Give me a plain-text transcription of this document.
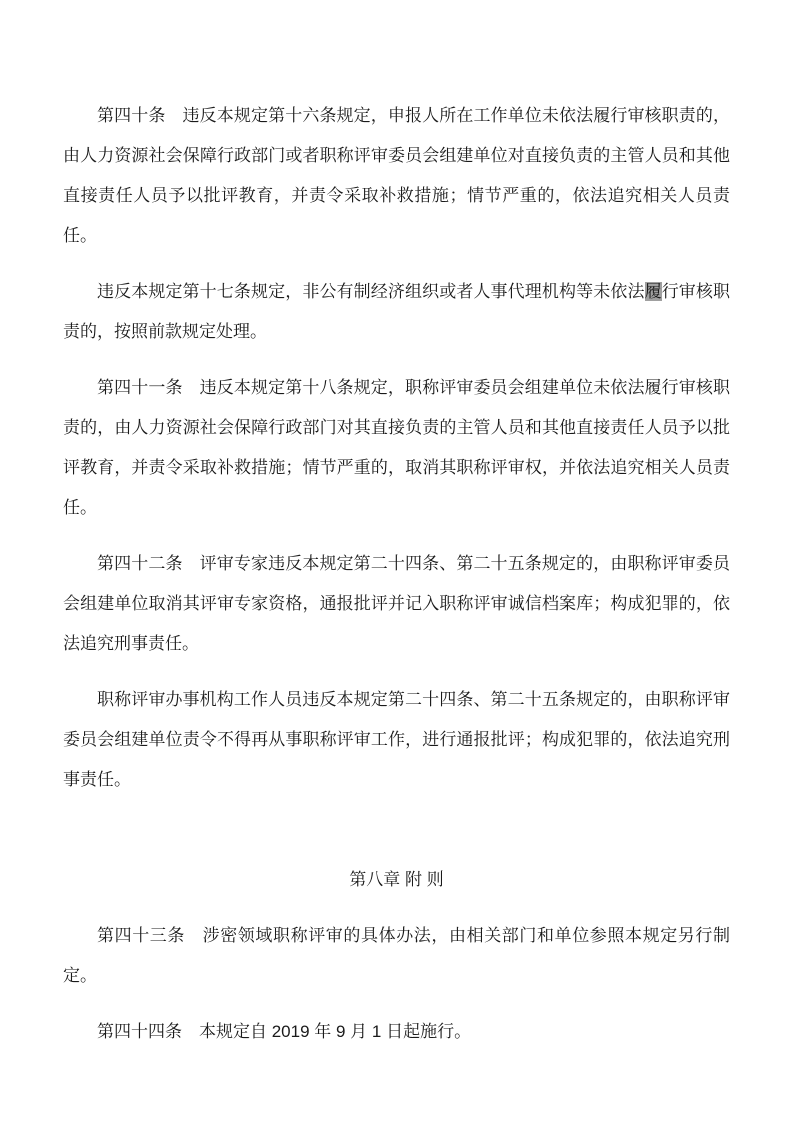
第四十条　违反本规定第十六条规定，申报人所在工作单位未依法履行审核职责的，由人力资源社会保障行政部门或者职称评审委员会组建单位对直接负责的主管人员和其他直接责任人员予以批评教育，并责令采取补救措施；情节严重的，依法追究相关人员责任。

违反本规定第十七条规定，非公有制经济组织或者人事代理机构等未依法履行审核职责的，按照前款规定处理。

第四十一条　违反本规定第十八条规定，职称评审委员会组建单位未依法履行审核职责的，由人力资源社会保障行政部门对其直接负责的主管人员和其他直接责任人员予以批评教育，并责令采取补救措施；情节严重的，取消其职称评审权，并依法追究相关人员责任。

第四十二条　评审专家违反本规定第二十四条、第二十五条规定的，由职称评审委员会组建单位取消其评审专家资格，通报批评并记入职称评审诚信档案库；构成犯罪的，依法追究刑事责任。

职称评审办事机构工作人员违反本规定第二十四条、第二十五条规定的，由职称评审委员会组建单位责令不得再从事职称评审工作，进行通报批评；构成犯罪的，依法追究刑事责任。

第八章 附 则

第四十三条　涉密领域职称评审的具体办法，由相关部门和单位参照本规定另行制定。

第四十四条　本规定自 2019 年 9 月 1 日起施行。
